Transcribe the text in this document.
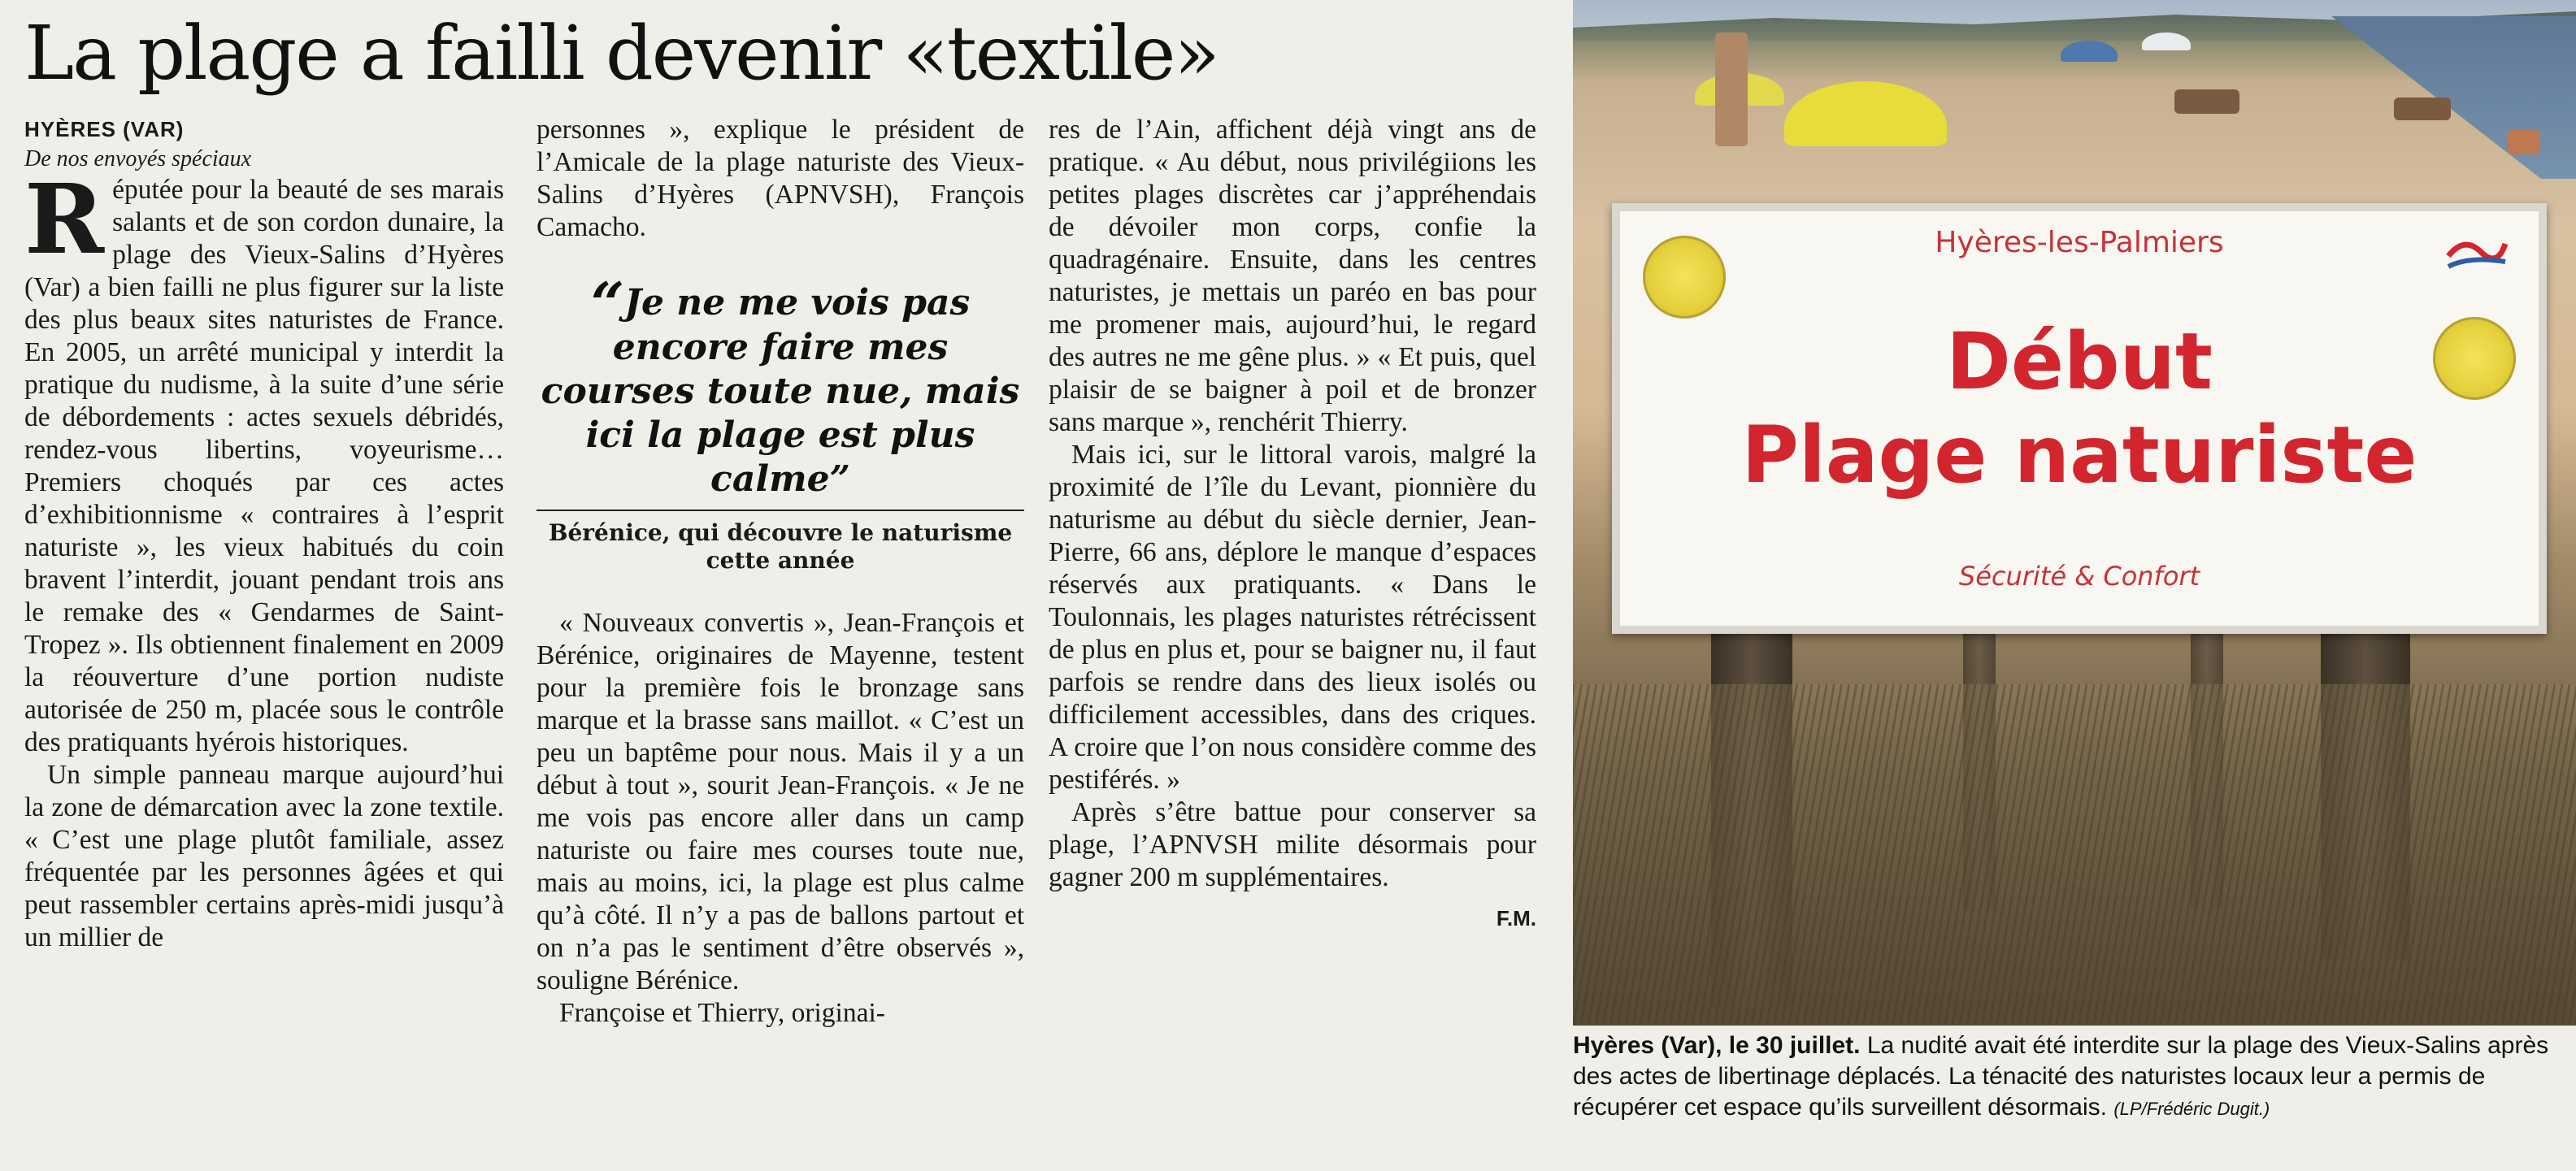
La plage a failli devenir «textile»
HYÈRES (VAR)
De nos envoyés spéciaux

Réputée pour la beauté de ses marais salants et de son cordon dunaire, la plage des Vieux-Salins d’Hyères (Var) a bien failli ne plus figurer sur la liste des plus beaux sites naturistes de France. En 2005, un arrêté municipal y interdit la pratique du nudisme, à la suite d’une série de débordements : actes sexuels débridés, rendez-vous libertins, voyeurisme… Premiers choqués par ces actes d’exhibitionnisme « contraires à l’esprit naturiste », les vieux habitués du coin bravent l’interdit, jouant pendant trois ans le remake des « Gendarmes de Saint-Tropez ». Ils obtiennent finalement en 2009 la réouverture d’une portion nudiste autorisée de 250 m, placée sous le contrôle des pratiquants hyérois historiques.

Un simple panneau marque aujourd’hui la zone de démarcation avec la zone textile. « C’est une plage plutôt familiale, assez fréquentée par les personnes âgées et qui peut rassembler certains après-midi jusqu’à un millier de

personnes », explique le président de l’Amicale de la plage naturiste des Vieux-Salins d’Hyères (APNVSH), François Camacho.

“Je ne me vois pas encore faire mes courses toute nue, mais ici la plage est plus calme”
Bérénice, qui découvre le naturisme cette année

« Nouveaux convertis », Jean-François et Bérénice, originaires de Mayenne, testent pour la première fois le bronzage sans marque et la brasse sans maillot. « C’est un peu un baptême pour nous. Mais il y a un début à tout », sourit Jean-François. « Je ne me vois pas encore aller dans un camp naturiste ou faire mes courses toute nue, mais au moins, ici, la plage est plus calme qu’à côté. Il n’y a pas de ballons partout et on n’a pas le sentiment d’être observés », souligne Bérénice.

Françoise et Thierry, originai-

res de l’Ain, affichent déjà vingt ans de pratique. « Au début, nous privilégiions les petites plages discrètes car j’appréhendais de dévoiler mon corps, confie la quadragénaire. Ensuite, dans les centres naturistes, je mettais un paréo en bas pour me promener mais, aujourd’hui, le regard des autres ne me gêne plus. » « Et puis, quel plaisir de se baigner à poil et de bronzer sans marque », renchérit Thierry.

Mais ici, sur le littoral varois, malgré la proximité de l’île du Levant, pionnière du naturisme au début du siècle dernier, Jean-Pierre, 66 ans, déplore le manque d’espaces réservés aux pratiquants. « Dans le Toulonnais, les plages naturistes rétrécissent de plus en plus et, pour se baigner nu, il faut parfois se rendre dans des lieux isolés ou difficilement accessibles, dans des criques. A croire que l’on nous considère comme des pestiférés. »

Après s’être battue pour conserver sa plage, l’APNVSH milite désormais pour gagner 200 m supplémentaires.

F.M.
Hyères-les-Palmiers
Début
Plage naturiste
Sécurité & Confort
Hyères (Var), le 30 juillet. La nudité avait été interdite sur la plage des Vieux-Salins après des actes de libertinage déplacés. La ténacité des naturistes locaux leur a permis de récupérer cet espace qu’ils surveillent désormais. (LP/Frédéric Dugit.)
